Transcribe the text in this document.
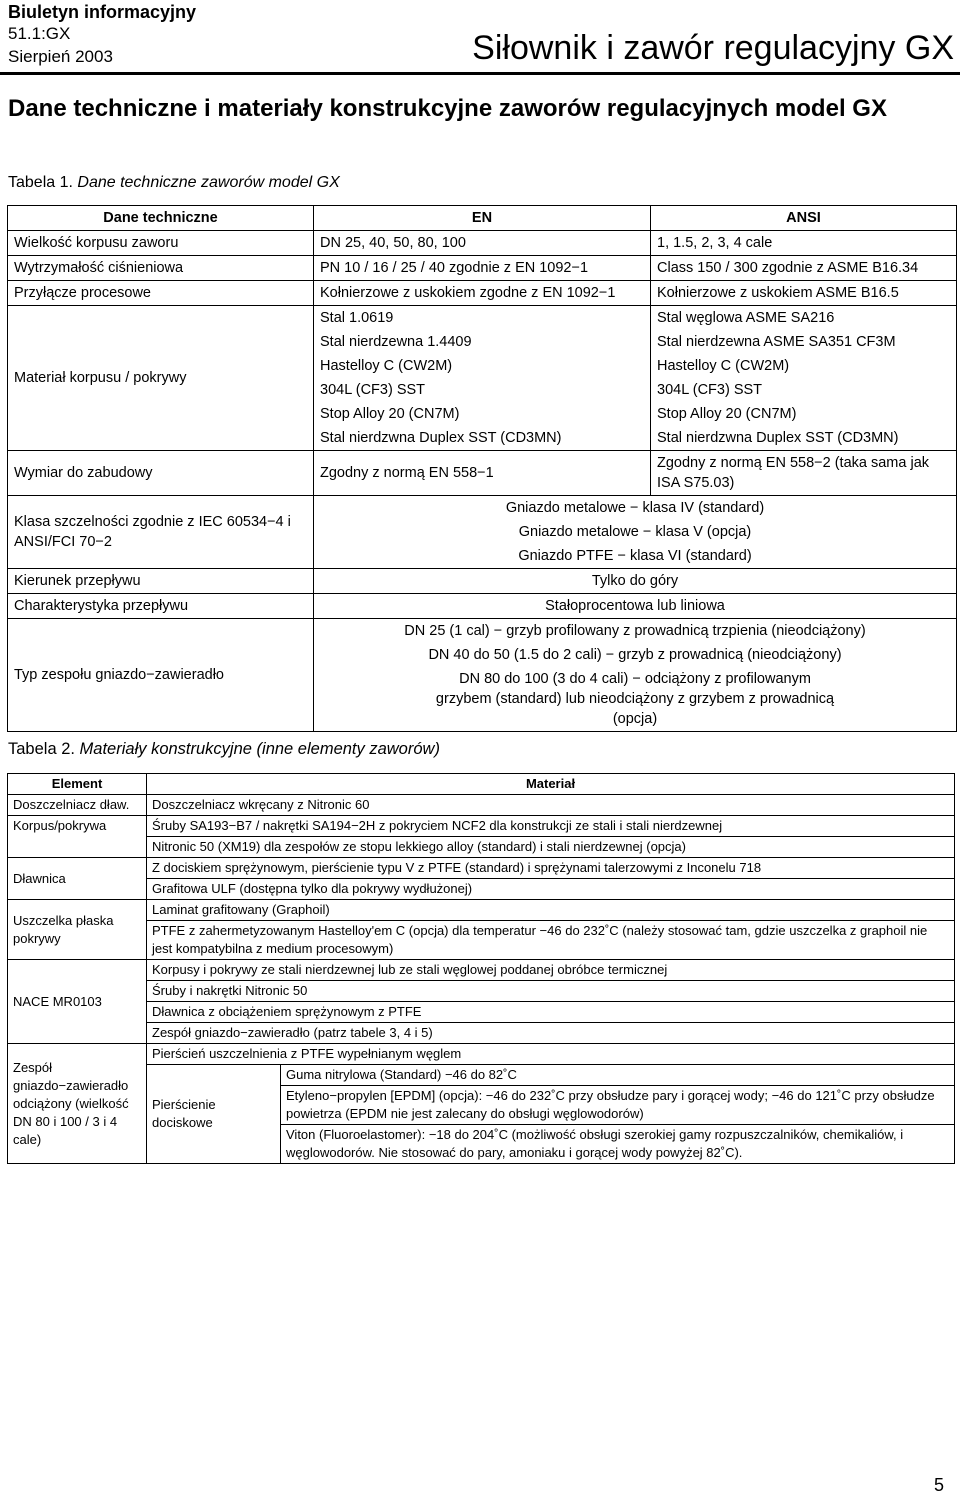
Biuletyn informacyjny
51.1:GX
Sierpień 2003	Siłownik i zawór regulacyjny GX
Dane techniczne i materiały konstrukcyjne zaworów regulacyjnych model GX
Tabela 1. Dane techniczne zaworów model GX
Dane techniczne	EN	ANSI
Wielkość korpusu zaworu	DN 25, 40, 50, 80, 100	1, 1.5, 2, 3, 4 cale
Wytrzymałość ciśnieniowa	PN 10 / 16 / 25 / 40 zgodnie z EN 1092−1	Class 150 / 300 zgodnie z ASME B16.34
Przyłącze procesowe	Kołnierzowe z uskokiem zgodne z EN 1092−1	Kołnierzowe z uskokiem ASME B16.5
Materiał korpusu / pokrywy	Stal 1.0619	Stal węglowa ASME SA216
	Stal nierdzewna 1.4409	Stal nierdzewna ASME SA351 CF3M
	Hastelloy C (CW2M)	Hastelloy C (CW2M)
	304L (CF3) SST	304L (CF3) SST
	Stop Alloy 20 (CN7M)	Stop Alloy 20 (CN7M)
	Stal nierdzwna Duplex SST (CD3MN)	Stal nierdzwna Duplex SST (CD3MN)
Wymiar do zabudowy	Zgodny z normą EN 558−1	Zgodny z normą EN 558−2 (taka sama jak ISA S75.03)
Klasa szczelności zgodnie z IEC 60534−4 i ANSI/FCI 70−2	Gniazdo metalowe − klasa IV (standard)	
	Gniazdo metalowe − klasa V (opcja)	
	Gniazdo PTFE − klasa VI (standard)	
Kierunek przepływu	Tylko do góry	
Charakterystyka przepływu	Stałoprocentowa lub liniowa	
Typ zespołu gniazdo−zawieradło	DN 25 (1 cal) − grzyb profilowany z prowadnicą trzpienia (nieodciążony)	
	DN 40 do 50 (1.5 do 2 cali) − grzyb z prowadnicą (nieodciążony)	
	DN 80 do 100 (3 do 4 cali) − odciążony z profilowanym grzybem (standard) lub nieodciążony z grzybem z prowadnicą (opcja)	
Tabela 2. Materiały konstrukcyjne (inne elementy zaworów)
Element	Materiał	
Doszczelniacz dław.	Doszczelniacz wkręcany z Nitronic 60	
Korpus/pokrywa	Śruby SA193−B7 / nakrętki SA194−2H z pokryciem NCF2 dla konstrukcji ze stali i stali nierdzewnej	
	Nitronic 50 (XM19) dla zespołów ze stopu lekkiego alloy (standard) i stali nierdzewnej (opcja)	
Dławnica	Z dociskiem sprężynowym, pierścienie typu V z PTFE (standard) i sprężynami talerzowymi z Inconelu 718	
	Grafitowa ULF (dostępna tylko dla pokrywy wydłużonej)	
Uszczelka płaska pokrywy	Laminat grafitowany (Graphoil)	
	PTFE z zahermetyzowanym Hastelloy'em C (opcja) dla temperatur −46 do 232˚C (należy stosować tam, gdzie uszczelka z graphoil nie jest kompatybilna z medium procesowym)	
NACE MR0103	Korpusy i pokrywy ze stali nierdzewnej lub ze stali węglowej poddanej obróbce termicznej	
	Śruby i nakrętki Nitronic 50	
	Dławnica z obciążeniem sprężynowym z PTFE	
	Zespół gniazdo−zawieradło (patrz tabele 3, 4 i 5)	
Zespół gniazdo−zawieradło odciążony (wielkość DN 80 i 100 / 3 i 4 cale)	Pierścień uszczelnienia z PTFE wypełnianym węglem	
	Pierścienie dociskowe	Guma nitrylowa (Standard) −46 do 82˚C
		Etyleno−propylen [EPDM] (opcja): −46 do 232˚C przy obsłudze pary i gorącej wody; −46 do 121˚C przy obsłudze powietrza (EPDM nie jest zalecany do obsługi węglowodorów)
		Viton (Fluoroelastomer): −18 do 204˚C (możliwość obsługi szerokiej gamy rozpuszczalników, chemikaliów, i węglowodorów. Nie stosować do pary, amoniaku i gorącej wody powyżej 82˚C).
5
